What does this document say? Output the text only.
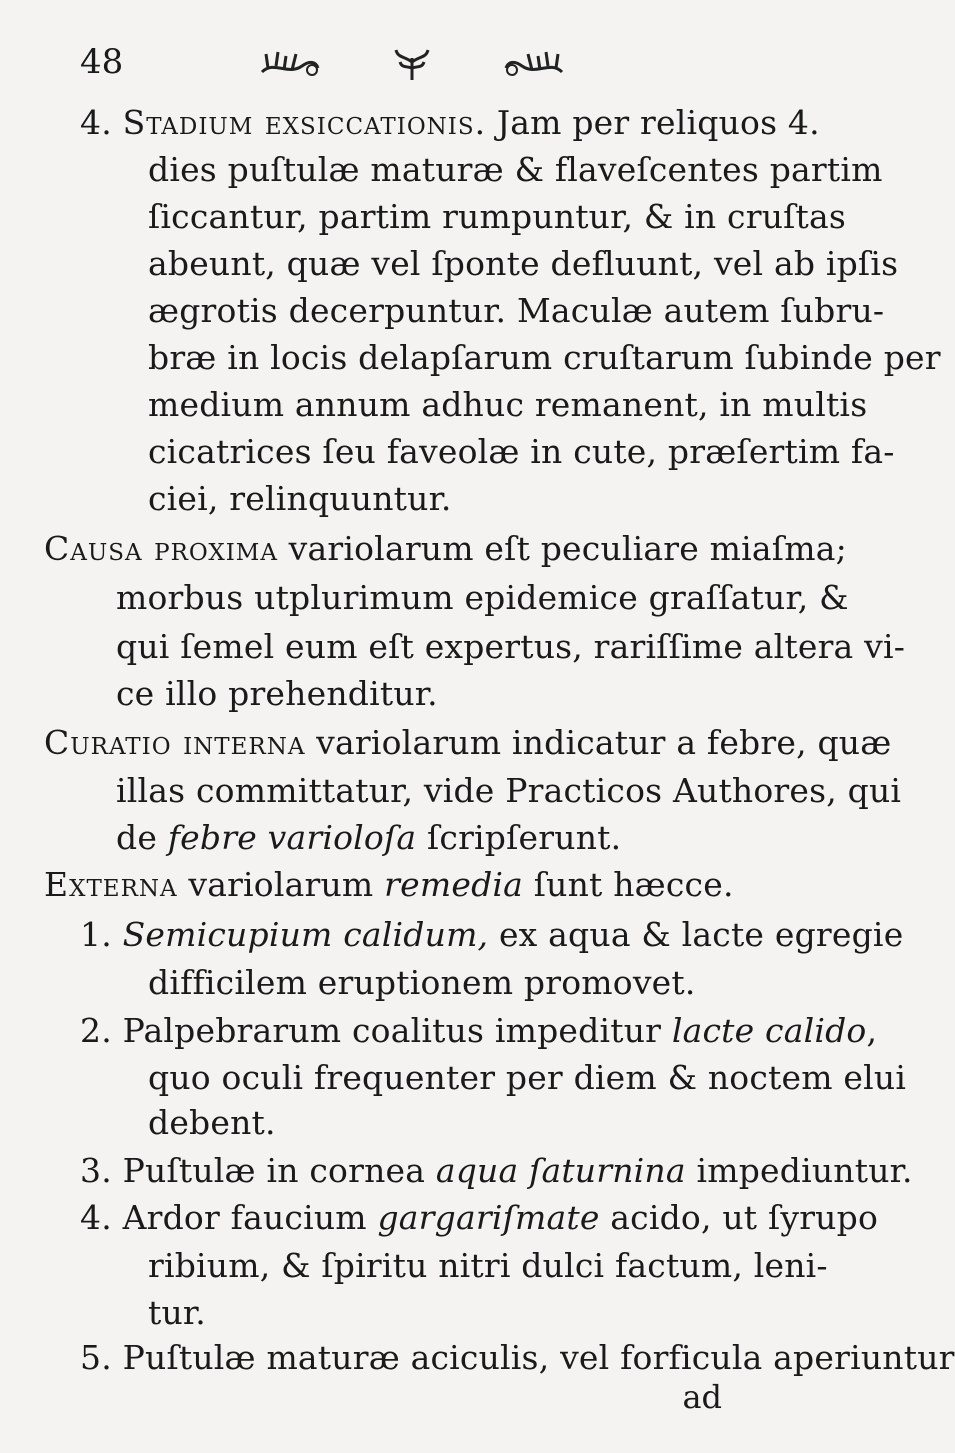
48
4. Stadium exsiccationis. Jam per reliquos 4.
dies puſtulæ maturæ & flaveſcentes partim
ſiccantur, partim rumpuntur, & in cruſtas
abeunt, quæ vel ſponte defluunt, vel ab ipſis
ægrotis decerpuntur. Maculæ autem ſubru-
bræ in locis delapſarum cruſtarum ſubinde per
medium annum adhuc remanent, in multis
cicatrices ſeu faveolæ in cute, præſertim fa-
ciei, relinquuntur.
Causa proxima variolarum eſt peculiare miaſma;
morbus utplurimum epidemice graſſatur, &
qui ſemel eum eſt expertus, rariſſime altera vi-
ce illo prehenditur.
Curatio interna variolarum indicatur a febre, quæ
illas committatur, vide Practicos Authores, qui
de febre varioloſa ſcripſerunt.
Externa variolarum remedia ſunt hæcce.
1. Semicupium calidum, ex aqua & lacte egregie
difficilem eruptionem promovet.
2. Palpebrarum coalitus impeditur lacte calido,
quo oculi frequenter per diem & noctem elui
debent.
3. Puſtulæ in cornea aqua ſaturnina impediuntur.
4. Ardor faucium gargariſmate acido, ut ſyrupo
ribium, & ſpiritu nitri dulci factum, leni-
tur.
5. Puſtulæ maturæ aciculis, vel forficula aperiuntur
ad
